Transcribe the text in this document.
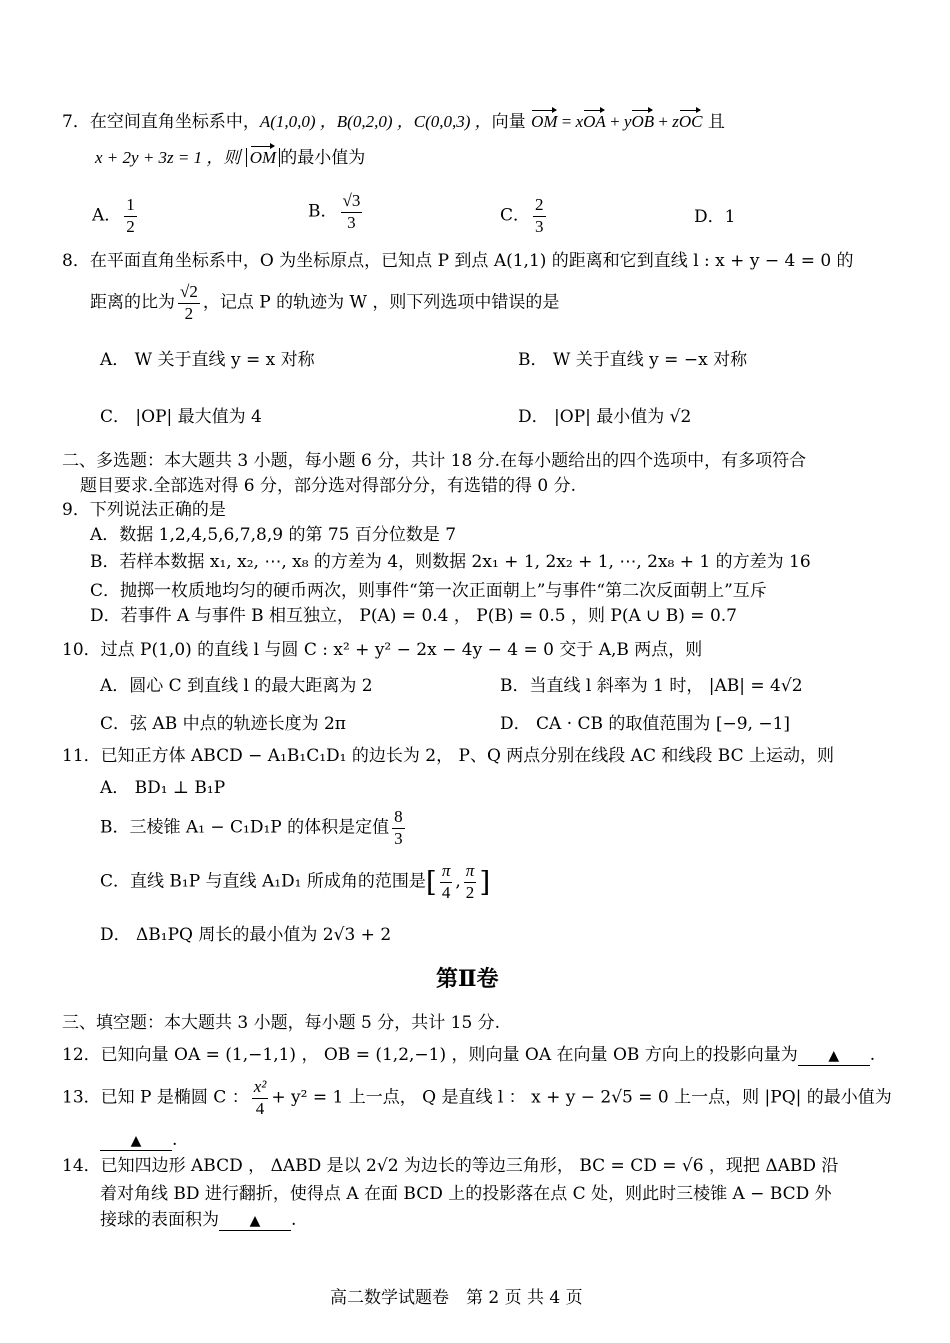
7．在空间直角坐标系中，A(1,0,0) ，B(0,2,0) ，C(0,0,3) ，向量 OM = xOA + yOB + zOC 且
x + 2y + 3z = 1 ，则 OM 的最小值为
A． $\frac{1}{2}$	B． $\frac{√3}{3}$	C． $\frac{2}{3}$	D．1
8．在平面直角坐标系中，O 为坐标原点，已知点 P 到点 A(1,1) 的距离和它到直线 l : x + y − 4 = 0 的
距离的比为 $\frac{√2}{2}$ ，记点 P 的轨迹为 W ，则下列选项中错误的是
A． W 关于直线 y = x 对称	B． W 关于直线 y = −x 对称
C． |OP| 最大值为 4	D． |OP| 最小值为 √2
二、多选题：本大题共 3 小题，每小题 6 分，共计 18 分.在每小题给出的四个选项中，有多项符合
题目要求.全部选对得 6 分，部分选对得部分分，有选错的得 0 分.
9．下列说法正确的是
A．数据 1,2,4,5,6,7,8,9 的第 75 百分位数是 7
B．若样本数据 x₁, x₂, ⋯, x₈ 的方差为 4，则数据 2x₁ + 1, 2x₂ + 1, ⋯, 2x₈ + 1 的方差为 16
C．抛掷一枚质地均匀的硬币两次，则事件“第一次正面朝上”与事件“第二次反面朝上”互斥
D．若事件 A 与事件 B 相互独立， P(A) = 0.4 ， P(B) = 0.5 ，则 P(A ∪ B) = 0.7
10．过点 P(1,0) 的直线 l 与圆 C : x² + y² − 2x − 4y − 4 = 0 交于 A,B 两点，则
A．圆心 C 到直线 l 的最大距离为 2	B．当直线 l 斜率为 1 时， |AB| = 4√2
C．弦 AB 中点的轨迹长度为 2π	D． CA · CB 的取值范围为 [−9, −1]
11．已知正方体 ABCD − A₁B₁C₁D₁ 的边长为 2， P、Q 两点分别在线段 AC 和线段 BC 上运动，则
A． BD₁ ⊥ B₁P
B．三棱锥 A₁ − C₁D₁P 的体积是定值 $\frac{8}{3}$
C．直线 B₁P 与直线 A₁D₁ 所成角的范围是[ $\frac{\pi}{4}$ , $\frac{\pi}{2}$ ]
D． ΔB₁PQ 周长的最小值为 2√3 + 2
第Ⅱ卷
三、填空题：本大题共 3 小题，每小题 5 分，共计 15 分.
12．已知向量 OA = (1,−1,1) ， OB = (1,2,−1) ，则向量 OA 在向量 OB 方向上的投影向量为 ▲ .
13．已知 P 是椭圆 C ： $\frac{\text{x²}}{4} + y^2 = 1$ 上一点， Q 是直线 l ： x + y − 2√5 = 0 上一点，则 |PQ| 的最小值为
▲ .
14．已知四边形 ABCD ， ΔABD 是以 2√2 为边长的等边三角形， BC = CD = √6 ，现把 ΔABD 沿
着对角线 BD 进行翻折，使得点 A 在面 BCD 上的投影落在点 C 处，则此时三棱锥 A − BCD 外
接球的表面积为 ▲ .
高二数学试题卷　第 2 页 共 4 页
